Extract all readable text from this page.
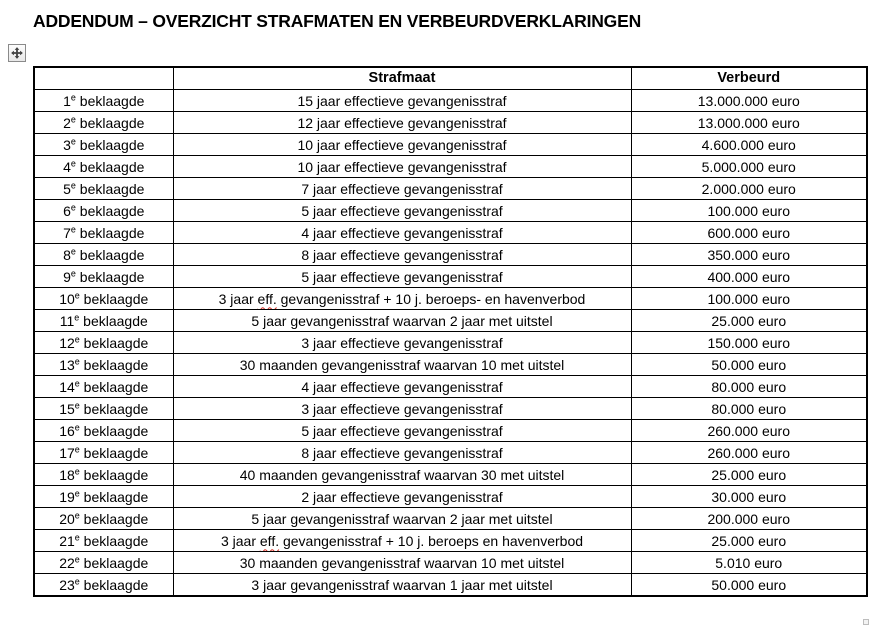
ADDENDUM – OVERZICHT STRAFMATEN EN VERBEURDVERKLARINGEN
	Strafmaat	Verbeurd
1e beklaagde	15 jaar effectieve gevangenisstraf	13.000.000 euro
2e beklaagde	12 jaar effectieve gevangenisstraf	13.000.000 euro
3e beklaagde	10 jaar effectieve gevangenisstraf	4.600.000 euro
4e beklaagde	10 jaar effectieve gevangenisstraf	5.000.000 euro
5e beklaagde	7 jaar effectieve gevangenisstraf	2.000.000 euro
6e beklaagde	5 jaar effectieve gevangenisstraf	100.000 euro
7e beklaagde	4 jaar effectieve gevangenisstraf	600.000 euro
8e beklaagde	8 jaar effectieve gevangenisstraf	350.000 euro
9e beklaagde	5 jaar effectieve gevangenisstraf	400.000 euro
10e beklaagde	3 jaar eff. gevangenisstraf + 10 j. beroeps- en havenverbod	100.000 euro
11e beklaagde	5 jaar gevangenisstraf waarvan 2 jaar met uitstel	25.000 euro
12e beklaagde	3 jaar effectieve gevangenisstraf	150.000 euro
13e beklaagde	30 maanden gevangenisstraf waarvan 10 met uitstel	50.000 euro
14e beklaagde	4 jaar effectieve gevangenisstraf	80.000 euro
15e beklaagde	3 jaar effectieve gevangenisstraf	80.000 euro
16e beklaagde	5 jaar effectieve gevangenisstraf	260.000 euro
17e beklaagde	8 jaar effectieve gevangenisstraf	260.000 euro
18e beklaagde	40 maanden gevangenisstraf waarvan 30 met uitstel	25.000 euro
19e beklaagde	2 jaar effectieve gevangenisstraf	30.000 euro
20e beklaagde	5 jaar gevangenisstraf waarvan 2 jaar met uitstel	200.000 euro
21e beklaagde	3 jaar eff. gevangenisstraf + 10 j. beroeps en havenverbod	25.000 euro
22e beklaagde	30 maanden gevangenisstraf waarvan 10 met uitstel	5.010 euro
23e beklaagde	3 jaar gevangenisstraf waarvan 1 jaar met uitstel	50.000 euro
